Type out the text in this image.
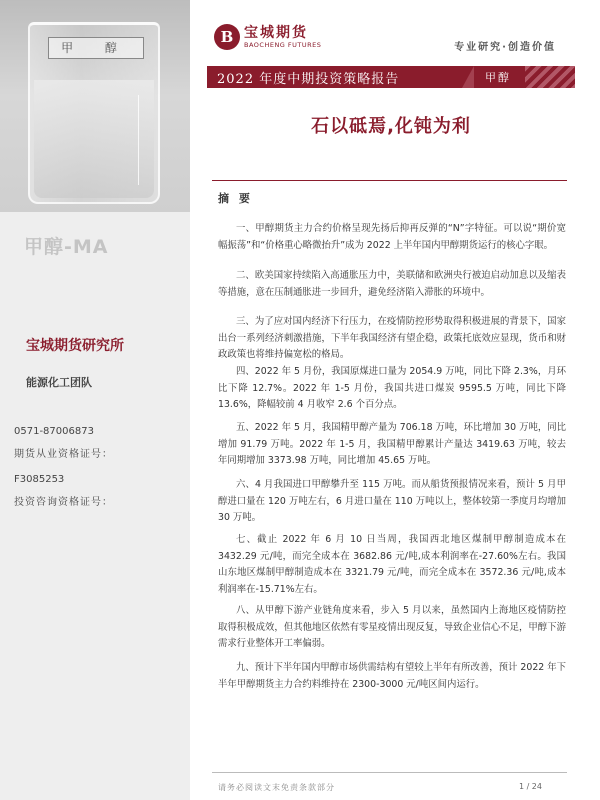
甲 醇
甲醇-MA
宝城期货研究所
能源化工团队
0571-87006873
期货从业资格证号：
F3085253
投资咨询资格证号：
B 宝城期货
BAOCHENG FUTURES	专业研究·创造价值
2022 年度中期投资策略报告	甲醇
石以砥焉,化钝为利
摘 要
一、甲醇期货主力合约价格呈现先扬后抑再反弹的“N”字特征。可以说“期价宽幅振荡”和“价格重心略微抬升”成为 2022 上半年国内甲醇期货运行的核心字眼。
二、欧美国家持续陷入高通胀压力中，美联储和欧洲央行被迫启动加息以及缩表等措施，意在压制通胀进一步回升，避免经济陷入滞胀的环境中。
三、为了应对国内经济下行压力，在疫情防控形势取得积极进展的背景下，国家出台一系列经济刺激措施，下半年我国经济有望企稳，政策托底效应显现，货币和财政政策也将维持偏宽松的格局。
四、2022 年 5 月份，我国原煤进口量为 2054.9 万吨，同比下降 2.3%，月环比下降 12.7%。2022 年 1-5 月份，我国共进口煤炭 9595.5 万吨，同比下降 13.6%，降幅较前 4 月收窄 2.6 个百分点。
五、2022 年 5 月，我国精甲醇产量为 706.18 万吨，环比增加 30 万吨，同比增加 91.79 万吨。2022 年 1-5 月，我国精甲醇累计产量达 3419.63 万吨，较去年同期增加 3373.98 万吨，同比增加 45.65 万吨。
六、4 月我国进口甲醇攀升至 115 万吨。而从船货预报情况来看，预计 5 月甲醇进口量在 120 万吨左右，6 月进口量在 110 万吨以上，整体较第一季度月均增加 30 万吨。
七、截止 2022 年 6 月 10 日当周，我国西北地区煤制甲醇制造成本在 3432.29 元/吨，而完全成本在 3682.86 元/吨,成本利润率在-27.60%左右。我国山东地区煤制甲醇制造成本在 3321.79 元/吨，而完全成本在 3572.36 元/吨,成本利润率在-15.71%左右。
八、从甲醇下游产业链角度来看，步入 5 月以来，虽然国内上海地区疫情防控取得积极成效，但其他地区依然有零星疫情出现反复，导致企业信心不足，甲醇下游需求行业整体开工率偏弱。
九、预计下半年国内甲醇市场供需结构有望较上半年有所改善，预计 2022 年下半年甲醇期货主力合约料维持在 2300-3000 元/吨区间内运行。
请务必阅读文末免责条款部分	1 / 24
